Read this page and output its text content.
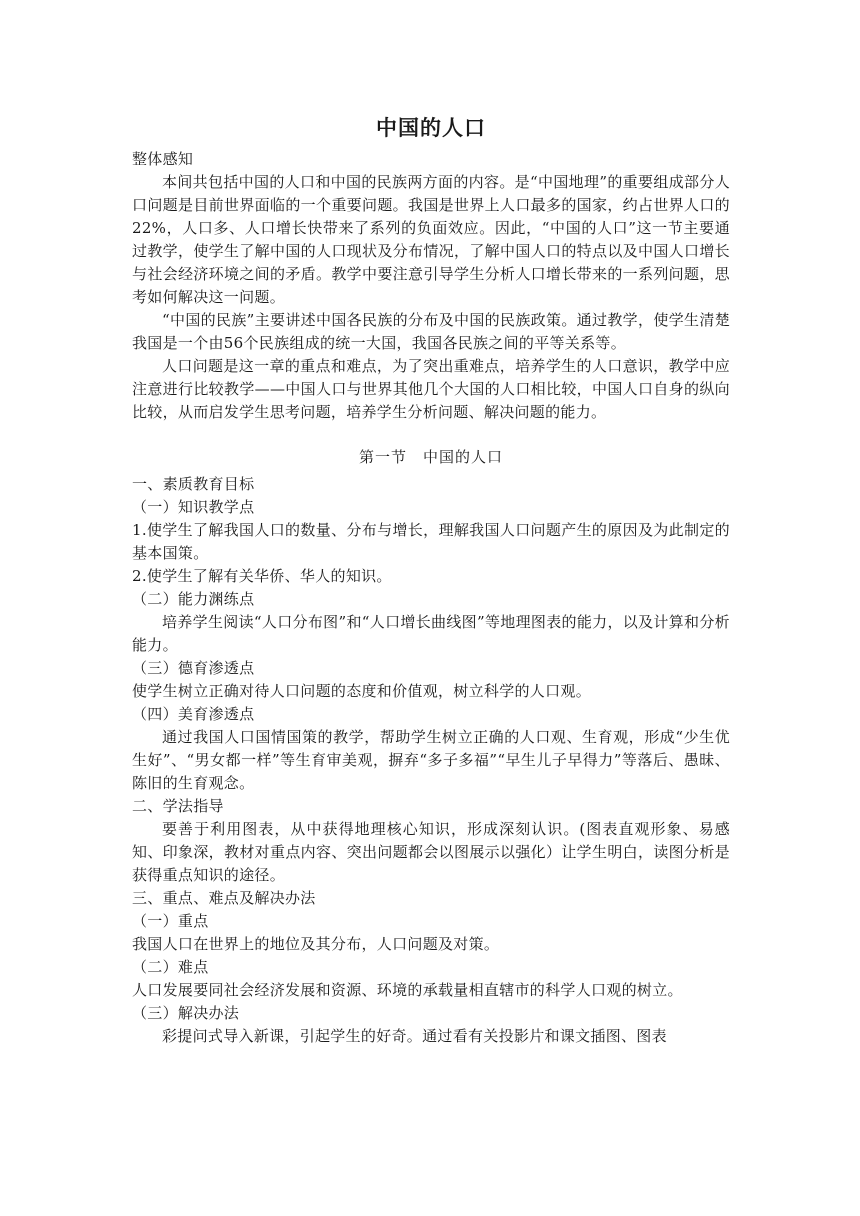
中国的人口

整体感知

本间共包括中国的人口和中国的民族两方面的内容。是“中国地理”的重要组成部分人口问题是目前世界面临的一个重要问题。我国是世界上人口最多的国家，约占世界人口的22%，人口多、人口增长快带来了系列的负面效应。因此，“中国的人口”这一节主要通过教学，使学生了解中国的人口现状及分布情况，了解中国人口的特点以及中国人口增长与社会经济环境之间的矛盾。教学中要注意引导学生分析人口增长带来的一系列问题，思考如何解决这一问题。

“中国的民族”主要讲述中国各民族的分布及中国的民族政策。通过教学，使学生清楚我国是一个由56个民族组成的统一大国，我国各民族之间的平等关系等。

人口问题是这一章的重点和难点，为了突出重难点，培养学生的人口意识，教学中应注意进行比较教学——中国人口与世界其他几个大国的人口相比较，中国人口自身的纵向比较，从而启发学生思考问题，培养学生分析问题、解决问题的能力。

第一节　中国的人口

一、素质教育目标

（一）知识教学点

1.使学生了解我国人口的数量、分布与增长，理解我国人口问题产生的原因及为此制定的基本国策。

2.使学生了解有关华侨、华人的知识。

（二）能力渊练点

培养学生阅读“人口分布图”和“人口增长曲线图”等地理图表的能力，以及计算和分析能力。

（三）德育渗透点

使学生树立正确对待人口问题的态度和价值观，树立科学的人口观。

（四）美育渗透点

通过我国人口国情国策的教学，帮助学生树立正确的人口观、生育观，形成“少生优生好”、“男女都一样”等生育审美观，摒弃“多子多福”“早生儿子早得力”等落后、愚昧、陈旧的生育观念。

二、学法指导

要善于利用图表，从中获得地理核心知识，形成深刻认识。(图表直观形象、易感知、印象深，教材对重点内容、突出问题都会以图展示以强化）让学生明白，读图分析是获得重点知识的途径。

三、重点、难点及解决办法

（一）重点

我国人口在世界上的地位及其分布，人口问题及对策。

（二）难点

人口发展要同社会经济发展和资源、环境的承载量相直辖市的科学人口观的树立。

（三）解决办法

彩提问式导入新课，引起学生的好奇。通过看有关投影片和课文插图、图表
